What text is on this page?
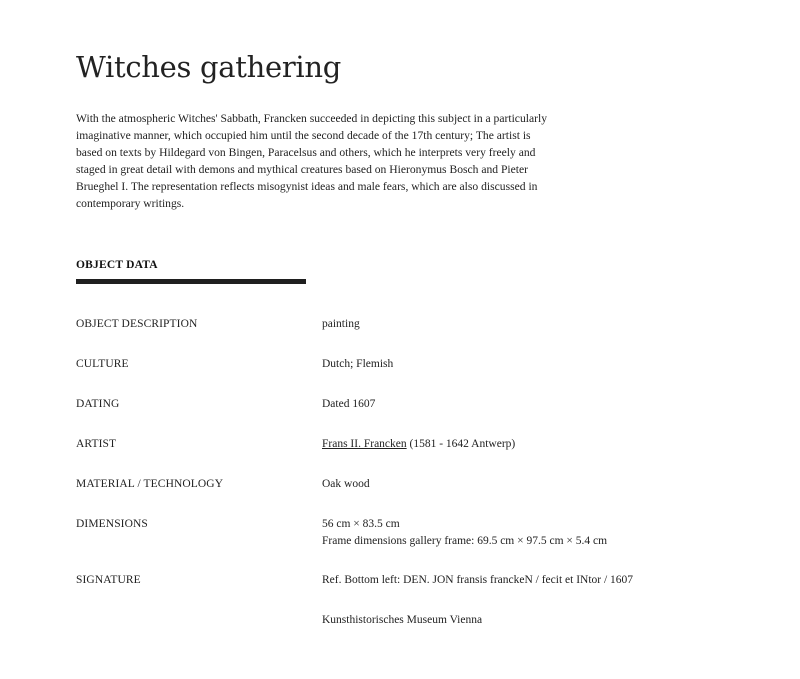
Witches gathering

With the atmospheric Witches' Sabbath, Francken succeeded in depicting this subject in a particularly imaginative manner, which occupied him until the second decade of the 17th century; The artist is based on texts by Hildegard von Bingen, Paracelsus and others, which he interprets very freely and staged in great detail with demons and mythical creatures based on Hieronymus Bosch and Pieter Brueghel I. The representation reflects misogynist ideas and male fears, which are also discussed in contemporary writings.

OBJECT DATA
OBJECT DESCRIPTION	painting
CULTURE	Dutch; Flemish
DATING	Dated 1607
ARTIST	Frans II. Francken (1581 - 1642 Antwerp)
MATERIAL / TECHNOLOGY	Oak wood
DIMENSIONS	56 cm × 83.5 cm
Frame dimensions gallery frame: 69.5 cm × 97.5 cm × 5.4 cm
SIGNATURE	Ref. Bottom left: DEN. JON fransis franckeN / fecit et INtor / 1607
Kunsthistorisches Museum Vienna
